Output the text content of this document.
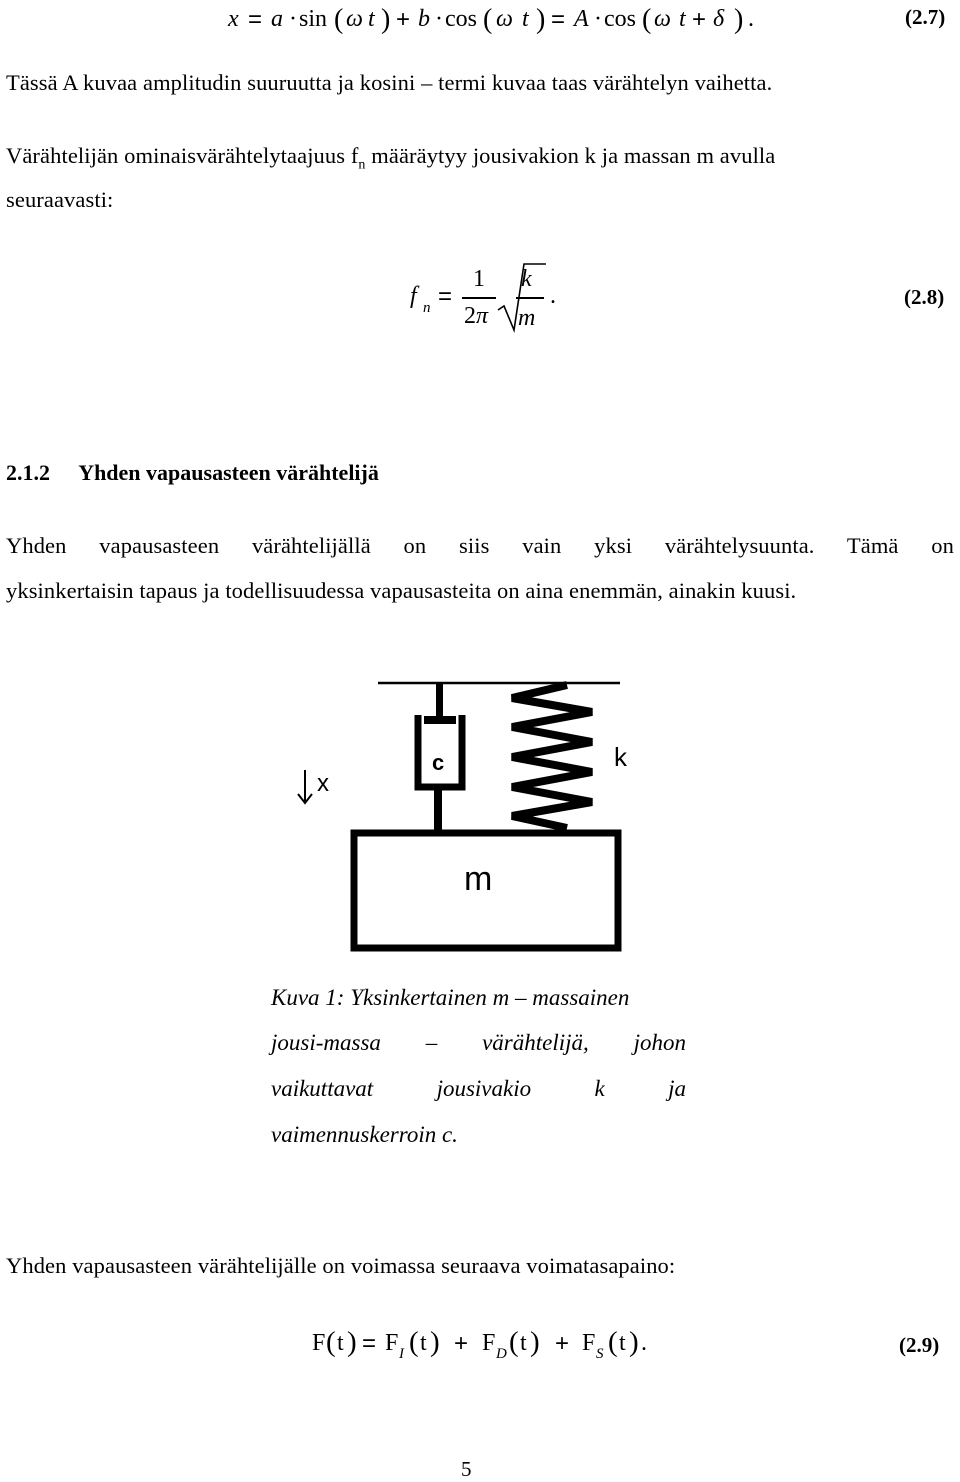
x = a · sin ( ω t ) + b · cos ( ω t ) = A · cos ( ω t + δ ) .	(2.7)
Tässä A kuvaa amplitudin suuruutta ja kosini – termi kuvaa taas värähtelyn vaihetta.
Värähtelijän ominaisvärähtelytaajuus $f_n$ määräytyy jousivakion k ja massan m avulla
seuraavasti:
f n =
1
2π
k
m
.	(2.8)
2.1.2 Yhden vapausasteen värähtelijä
Yhden vapausasteen värähtelijällä on siis vain yksi värähtelysuunta. Tämä on
yksinkertaisin tapaus ja todellisuudessa vapausasteita on aina enemmän, ainakin kuusi.
c	k
x
m
Kuva 1: Yksinkertainen m – massainen
jousi-massa – värähtelijä, johon
vaikuttavat jousivakio k ja
vaimennuskerroin c.
Yhden vapausasteen värähtelijälle on voimassa seuraava voimatasapaino:
F ( t ) = F I ( t ) + F D ( t ) + F S ( t ) .	(2.9)
5
